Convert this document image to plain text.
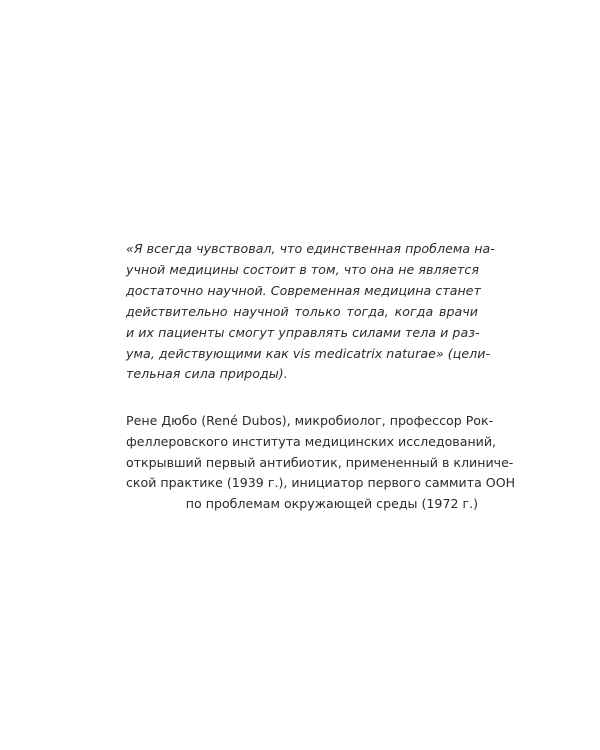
«Я всегда чувствовал, что единственная проблема на-
учной медицины состоит в том, что она не является
достаточно научной. Современная медицина станет
действительно научной только тогда, когда врачи
и их пациенты смогут управлять силами тела и раз-
ума, действующими как vis medicatrix naturae» (цели-
тельная сила природы).

Рене Дюбо (René Dubos), микробиолог, профессор Рок-
феллеровского института медицинских исследований,
открывший первый антибиотик, примененный в клиниче-
ской практике (1939 г.), инициатор первого саммита ООН
по проблемам окружающей среды (1972 г.)
